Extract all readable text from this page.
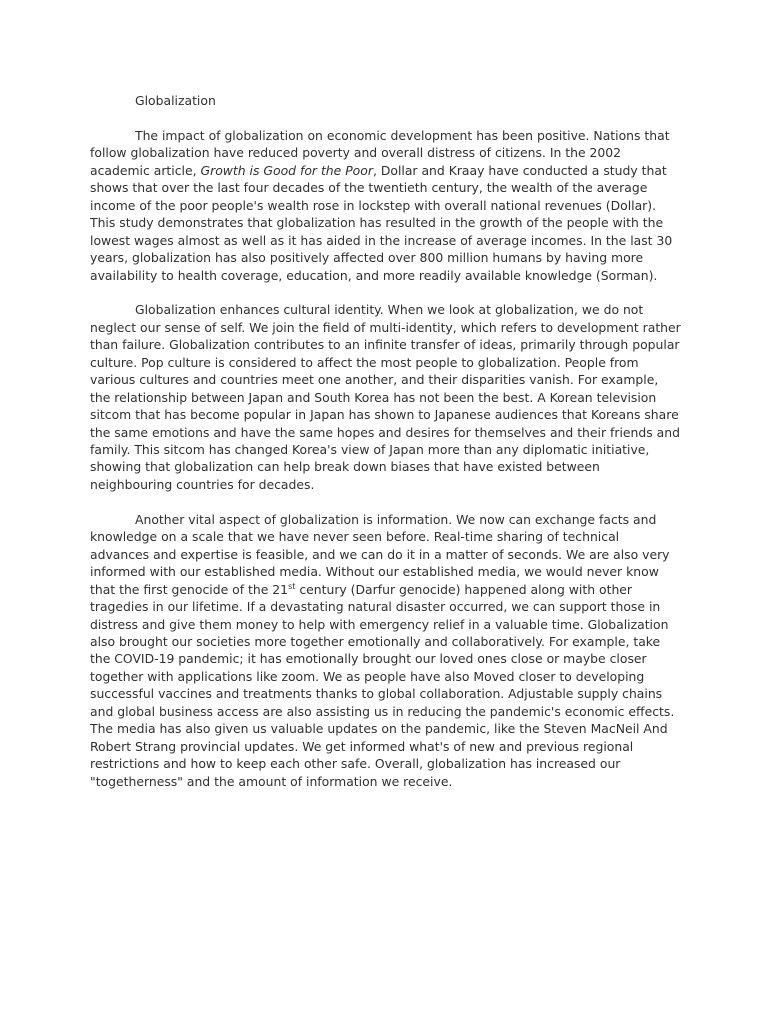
Globalization

The impact of globalization on economic development has been positive. Nations that follow globalization have reduced poverty and overall distress of citizens. In the 2002 academic article, Growth is Good for the Poor, Dollar and Kraay have conducted a study that shows that over the last four decades of the twentieth century, the wealth of the average income of the poor people's wealth rose in lockstep with overall national revenues (Dollar). This study demonstrates that globalization has resulted in the growth of the people with the lowest wages almost as well as it has aided in the increase of average incomes. In the last 30 years, globalization has also positively affected over 800 million humans by having more availability to health coverage, education, and more readily available knowledge (Sorman).

Globalization enhances cultural identity. When we look at globalization, we do not neglect our sense of self. We join the field of multi-identity, which refers to development rather than failure. Globalization contributes to an infinite transfer of ideas, primarily through popular culture. Pop culture is considered to affect the most people to globalization. People from various cultures and countries meet one another, and their disparities vanish. For example, the relationship between Japan and South Korea has not been the best. A Korean television sitcom that has become popular in Japan has shown to Japanese audiences that Koreans share the same emotions and have the same hopes and desires for themselves and their friends and family. This sitcom has changed Korea's view of Japan more than any diplomatic initiative, showing that globalization can help break down biases that have existed between neighbouring countries for decades.

Another vital aspect of globalization is information. We now can exchange facts and knowledge on a scale that we have never seen before. Real-time sharing of technical advances and expertise is feasible, and we can do it in a matter of seconds. We are also very informed with our established media. Without our established media, we would never know that the first genocide of the 21st century (Darfur genocide) happened along with other tragedies in our lifetime. If a devastating natural disaster occurred, we can support those in distress and give them money to help with emergency relief in a valuable time. Globalization also brought our societies more together emotionally and collaboratively. For example, take the COVID-19 pandemic; it has emotionally brought our loved ones close or maybe closer together with applications like zoom. We as people have also Moved closer to developing successful vaccines and treatments thanks to global collaboration. Adjustable supply chains and global business access are also assisting us in reducing the pandemic's economic effects. The media has also given us valuable updates on the pandemic, like the Steven MacNeil And Robert Strang provincial updates. We get informed what's of new and previous regional restrictions and how to keep each other safe. Overall, globalization has increased our "togetherness" and the amount of information we receive.
